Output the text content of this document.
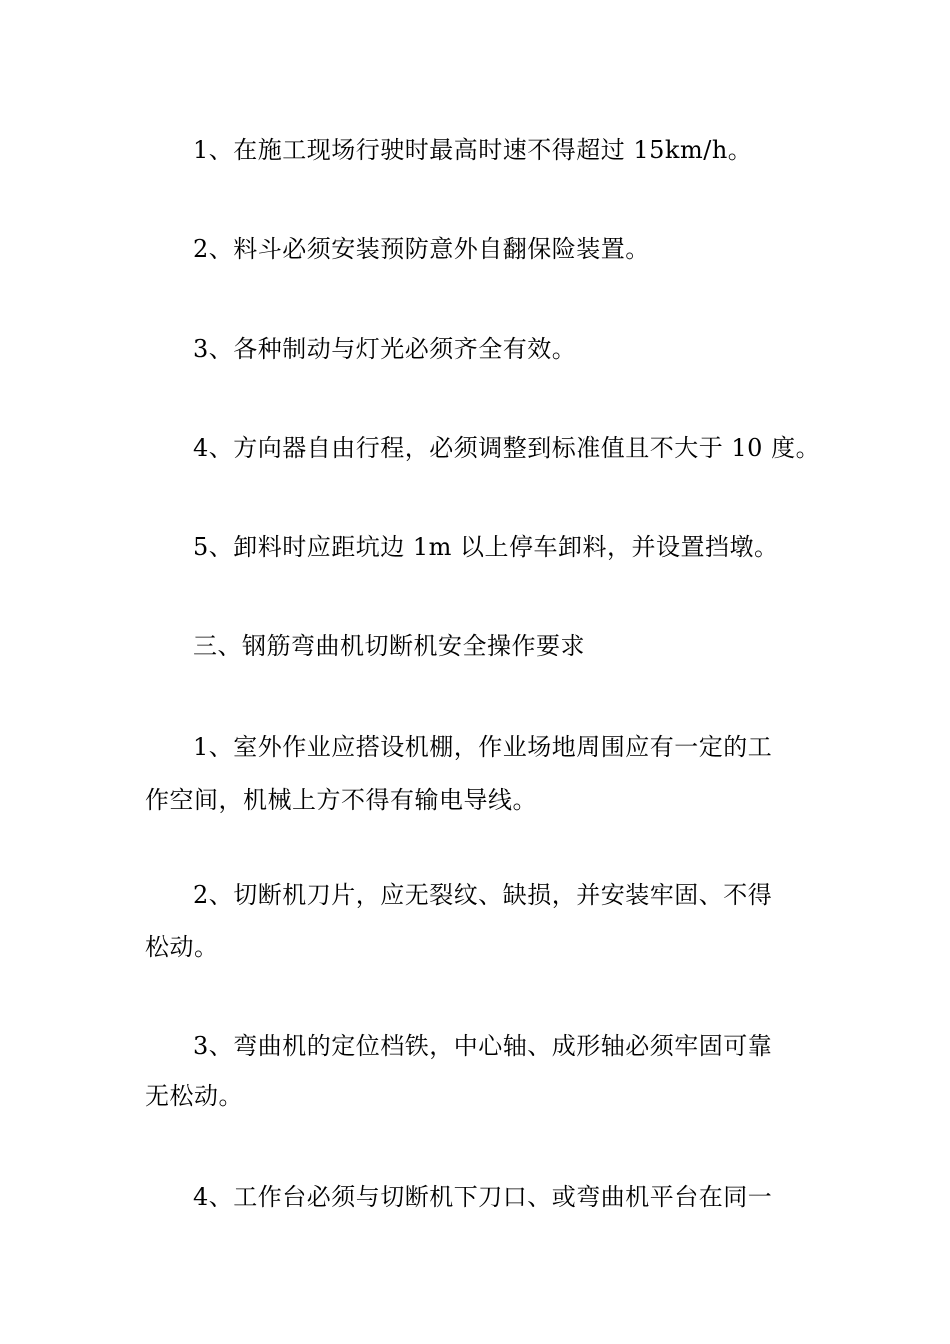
1、在施工现场行驶时最高时速不得超过 15km/h。
2、料斗必须安装预防意外自翻保险装置。
3、各种制动与灯光必须齐全有效。
4、方向器自由行程，必须调整到标准值且不大于 10 度。
5、卸料时应距坑边 1m 以上停车卸料，并设置挡墩。
三、钢筋弯曲机切断机安全操作要求
1、室外作业应搭设机棚，作业场地周围应有一定的工
作空间，机械上方不得有输电导线。
2、切断机刀片，应无裂纹、缺损，并安装牢固、不得
松动。
3、弯曲机的定位档铁，中心轴、成形轴必须牢固可靠
无松动。
4、工作台必须与切断机下刀口、或弯曲机平台在同一
